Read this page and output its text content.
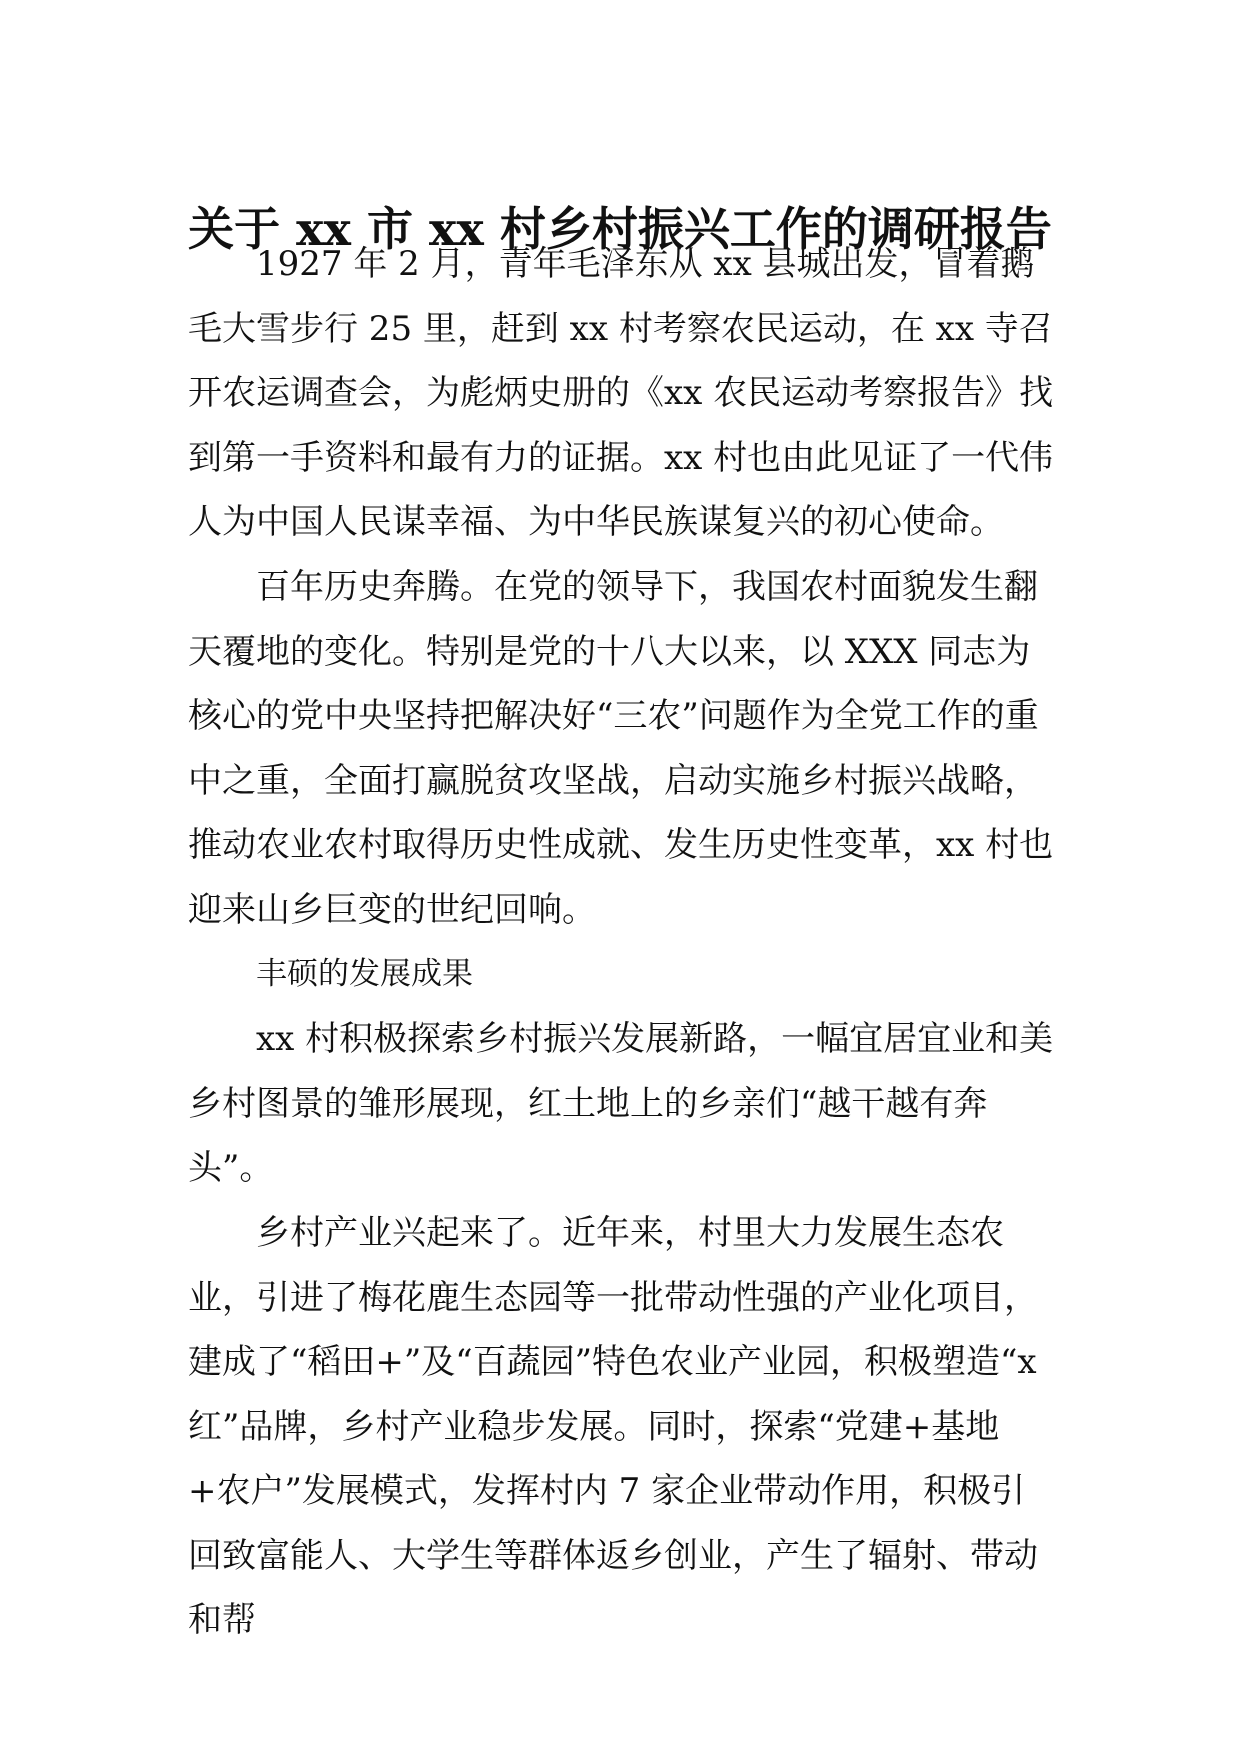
关于 xx 市 xx 村乡村振兴工作的调研报告

1927 年 2 月，青年毛泽东从 xx 县城出发，冒着鹅毛大雪步行 25 里，赶到 xx 村考察农民运动，在 xx 寺召开农运调查会，为彪炳史册的《xx 农民运动考察报告》找到第一手资料和最有力的证据。xx 村也由此见证了一代伟人为中国人民谋幸福、为中华民族谋复兴的初心使命。

百年历史奔腾。在党的领导下，我国农村面貌发生翻天覆地的变化。特别是党的十八大以来，以 XXX 同志为核心的党中央坚持把解决好“三农”问题作为全党工作的重中之重，全面打赢脱贫攻坚战，启动实施乡村振兴战略，推动农业农村取得历史性成就、发生历史性变革，xx 村也迎来山乡巨变的世纪回响。

丰硕的发展成果

xx 村积极探索乡村振兴发展新路，一幅宜居宜业和美乡村图景的雏形展现，红土地上的乡亲们“越干越有奔头”。

乡村产业兴起来了。近年来，村里大力发展生态农业，引进了梅花鹿生态园等一批带动性强的产业化项目，建成了“稻田+”及“百蔬园”特色农业产业园，积极塑造“x 红”品牌，乡村产业稳步发展。同时，探索“党建+基地+农户”发展模式，发挥村内 7 家企业带动作用，积极引回致富能人、大学生等群体返乡创业，产生了辐射、带动和帮
